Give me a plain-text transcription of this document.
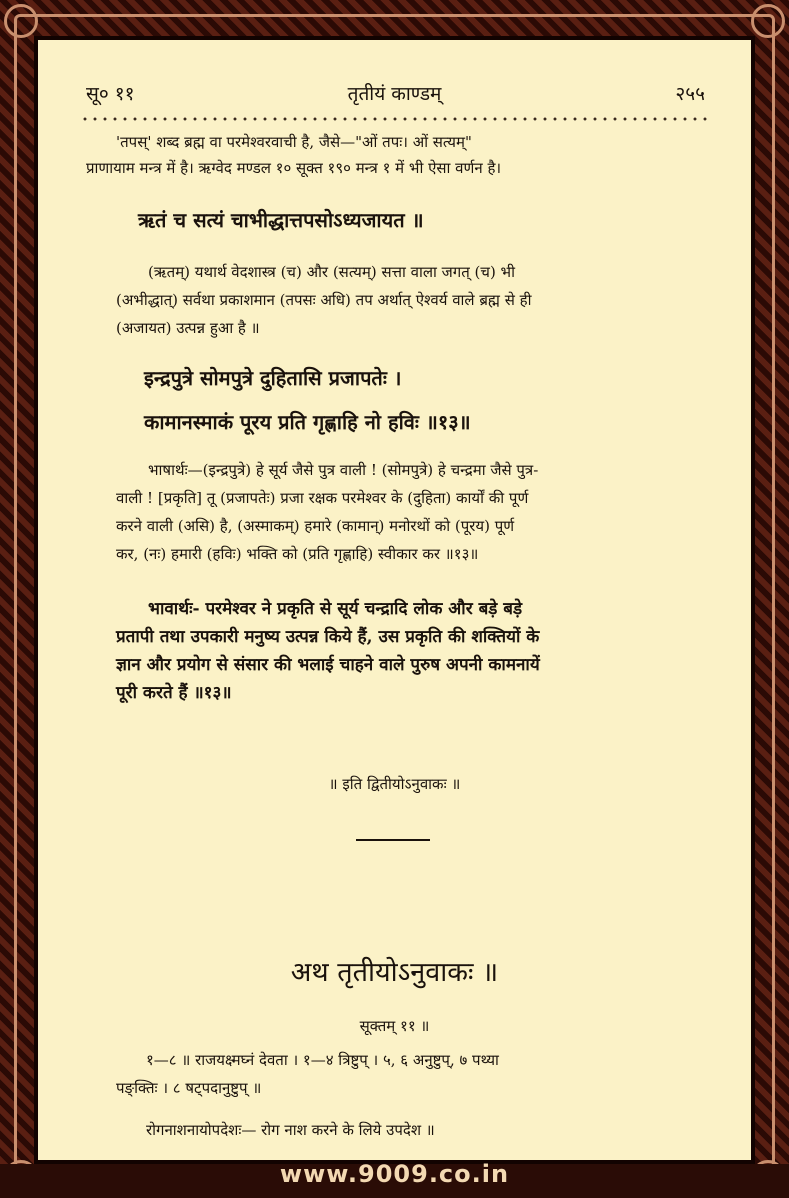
सू० ११	तृतीयं काण्डम्	२५५
'तपस्' शब्द ब्रह्म वा परमेश्वरवाची है, जैसे—"ओं तपः। ओं सत्यम्"
प्राणायाम मन्त्र में है। ऋग्वेद मण्डल १० सूक्त १९० मन्त्र १ में भी ऐसा वर्णन है।
ऋतं च सत्यं चाभीद्धात्तपसोऽध्यजायत ॥
(ऋतम्) यथार्थ वेदशास्त्र (च) और (सत्यम्) सत्ता वाला जगत् (च) भी
(अभीद्धात्) सर्वथा प्रकाशमान (तपसः अधि) तप अर्थात् ऐश्वर्य वाले ब्रह्म से ही
(अजायत) उत्पन्न हुआ है ॥
इन्द्रपुत्रे सोमपुत्रे दुहितासि प्रजापतेः ।
कामानस्माकं पूरय प्रति गृह्णाहि नो हविः ॥१३॥
भाषार्थः—(इन्द्रपुत्रे) हे सूर्य जैसे पुत्र वाली ! (सोमपुत्रे) हे चन्द्रमा जैसे पुत्र-
वाली ! [प्रकृति] तू (प्रजापतेः) प्रजा रक्षक परमेश्वर के (दुहिता) कार्यों की पूर्ण
करने वाली (असि) है, (अस्माकम्) हमारे (कामान्) मनोरथों को (पूरय) पूर्ण
कर, (नः) हमारी (हविः) भक्ति को (प्रति गृह्णाहि) स्वीकार कर ॥१३॥
भावार्थः- परमेश्वर ने प्रकृति से सूर्य चन्द्रादि लोक और बड़े बड़े
प्रतापी तथा उपकारी मनुष्य उत्पन्न किये हैं, उस प्रकृति की शक्तियों के
ज्ञान और प्रयोग से संसार की भलाई चाहने वाले पुरुष अपनी कामनायें
पूरी करते हैं ॥१३॥
॥ इति द्वितीयोऽनुवाकः ॥
अथ तृतीयोऽनुवाकः ॥
सूक्तम् ११ ॥
१—८ ॥ राजयक्ष्मघ्नं देवता । १—४ त्रिष्टुप् । ५, ६ अनुष्टुप्, ७ पथ्या
पङ्क्तिः । ८ षट्पदानुष्टुप् ॥
रोगनाशनायोपदेशः— रोग नाश करने के लिये उपदेश ॥
www.9009.co.in
